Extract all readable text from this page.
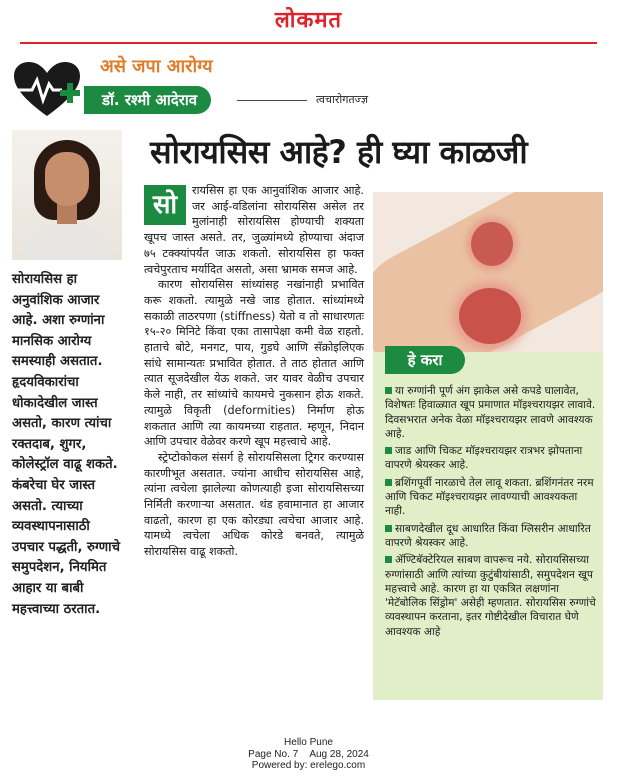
लोकमत
असे जपा आरोग्य
डॉ. रश्मी आदेराव	त्वचारोगतज्ज्ञ
सोरायसिस आहे? ही घ्या काळजी
सोरायसिस हा अनुवांशिक आजार आहे. अशा रुग्णांना मानसिक आरोग्य समस्याही असतात. हृदयविकारांचा धोकादेखील जास्त असतो, कारण त्यांचा रक्तदाब, शुगर, कोलेस्ट्रॉल वाढू शकते. कंबरेचा घेर जास्त असतो. त्याच्या व्यवस्थापनासाठी उपचार पद्धती, रुग्णाचे समुपदेशन, नियमित आहार या बाबी महत्त्वाच्या ठरतात.
सो	रायसिस हा एक आनुवांशिक आजार आहे. जर आई-वडिलांना सोरायसिस असेल तर मुलांनाही सोरायसिस होण्याची शक्यता खूपच जास्त असते. तर, जुळ्यांमध्ये होण्याचा अंदाज ७५ टक्क्यांपर्यंत जाऊ शकतो. सोरायसिस हा फक्त त्वचेपुरताच मर्यादित असतो, असा भ्रामक समज आहे.

कारण सोरायसिस सांध्यांसह नखांनाही प्रभावित करू शकतो. त्यामुळे नखे जाड होतात. सांध्यांमध्ये सकाळी ताठरपणा (stiffness) येतो व तो साधारणतः १५-२० मिनिटे किंवा एका तासापेक्षा कमी वेळ राहतो. हाताचे बोटे, मनगट, पाय, गुडघे आणि सॅक्रोइलिएक सांधे सामान्यतः प्रभावित होतात. ते ताठ होतात आणि त्यात सूजदेखील येऊ शकते. जर यावर वेळीच उपचार केले नाही, तर सांध्यांचे कायमचे नुकसान होऊ शकते. त्यामुळे विकृती (deformities) निर्माण होऊ शकतात आणि त्या कायमच्या राहतात. म्हणून, निदान आणि उपचार वेळेवर करणे खूप महत्त्वाचे आहे.

स्ट्रेप्टोकोकल संसर्ग हे सोरायसिसला ट्रिगर करण्यास कारणीभूत असतात. ज्यांना आधीच सोरायसिस आहे, त्यांना त्वचेला झालेल्या कोणत्याही इजा सोरायसिसच्या निर्मिती करणाऱ्या असतात. थंड हवामानात हा आजार वाढतो, कारण हा एक कोरड्या त्वचेचा आजार आहे. यामध्ये त्वचेला अधिक कोरडे बनवते, त्यामुळे सोरायसिस वाढू शकतो.

हे करा
या रुग्णांनी पूर्ण अंग झाकेल असे कपडे घालावेत, विशेषतः हिवाळ्यात खूप प्रमाणात मॉइश्चरायझर लावावे. दिवसभरात अनेक वेळा मॉइश्चरायझर लावणे आवश्यक आहे.
जाड आणि चिकट मॉइश्चरायझर रात्रभर झोपताना वापरणे श्रेयस्कर आहे.
ब्रशिंगपूर्वी नारळाचे तेल लावू शकता. ब्रशिंगनंतर नरम आणि चिकट मॉइश्चरायझर लावण्याची आवश्यकता नाही.
साबणदेखील दूध आधारित किंवा ग्लिसरीन आधारित वापरणे श्रेयस्कर आहे.
ॲण्टिबॅक्टेरियल साबण वापरूच नये. सोरायसिसच्या रुग्णांसाठी आणि त्यांच्या कुटुंबीयांसाठी, समुपदेशन खूप महत्त्वाचे आहे. कारण हा या एकत्रित लक्षणांना 'मेटॅबोलिक सिंड्रोम' असेही म्हणतात. सोरायसिस रुग्णांचे व्यवस्थापन करताना, इतर गोष्टीदेखील विचारात घेणे आवश्यक आहे
Hello Pune
Page No. 7 Aug 28, 2024
Powered by: erelego.com
